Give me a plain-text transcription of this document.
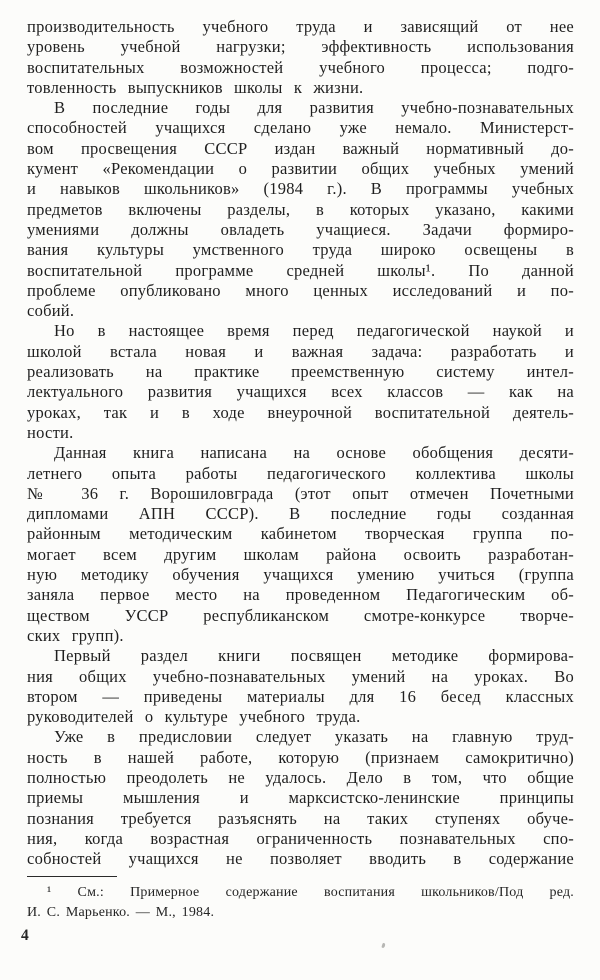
производительность учебного труда и зависящий от нее
уровень учебной нагрузки; эффективность использования
воспитательных возможностей учебного процесса; подго-
товленность выпускников школы к жизни.
В последние годы для развития учебно-познавательных
способностей учащихся сделано уже немало. Министерст-
вом просвещения СССР издан важный нормативный до-
кумент «Рекомендации о развитии общих учебных умений
и навыков школьников» (1984 г.). В программы учебных
предметов включены разделы, в которых указано, какими
умениями должны овладеть учащиеся. Задачи формиро-
вания культуры умственного труда широко освещены в
воспитательной программе средней школы¹. По данной
проблеме опубликовано много ценных исследований и по-
собий.
Но в настоящее время перед педагогической наукой и
школой встала новая и важная задача: разработать и
реализовать на практике преемственную систему интел-
лектуального развития учащихся всех классов — как на
уроках, так и в ходе внеурочной воспитательной деятель-
ности.
Данная книга написана на основе обобщения десяти-
летнего опыта работы педагогического коллектива школы
№ 36 г. Ворошиловграда (этот опыт отмечен Почетными
дипломами АПН СССР). В последние годы созданная
районным методическим кабинетом творческая группа по-
могает всем другим школам района освоить разработан-
ную методику обучения учащихся умению учиться (группа
заняла первое место на проведенном Педагогическим об-
ществом УССР республиканском смотре-конкурсе творче-
ских групп).
Первый раздел книги посвящен методике формирова-
ния общих учебно-познавательных умений на уроках. Во
втором — приведены материалы для 16 бесед классных
руководителей о культуре учебного труда.
Уже в предисловии следует указать на главную труд-
ность в нашей работе, которую (признаем самокритично)
полностью преодолеть не удалось. Дело в том, что общие
приемы мышления и марксистско-ленинские принципы
познания требуется разъяснять на таких ступенях обуче-
ния, когда возрастная ограниченность познавательных спо-
собностей учащихся не позволяет вводить в содержание
¹ См.: Примерное содержание воспитания школьников/Под ред.
И. С. Марьенко. — М., 1984.
4
